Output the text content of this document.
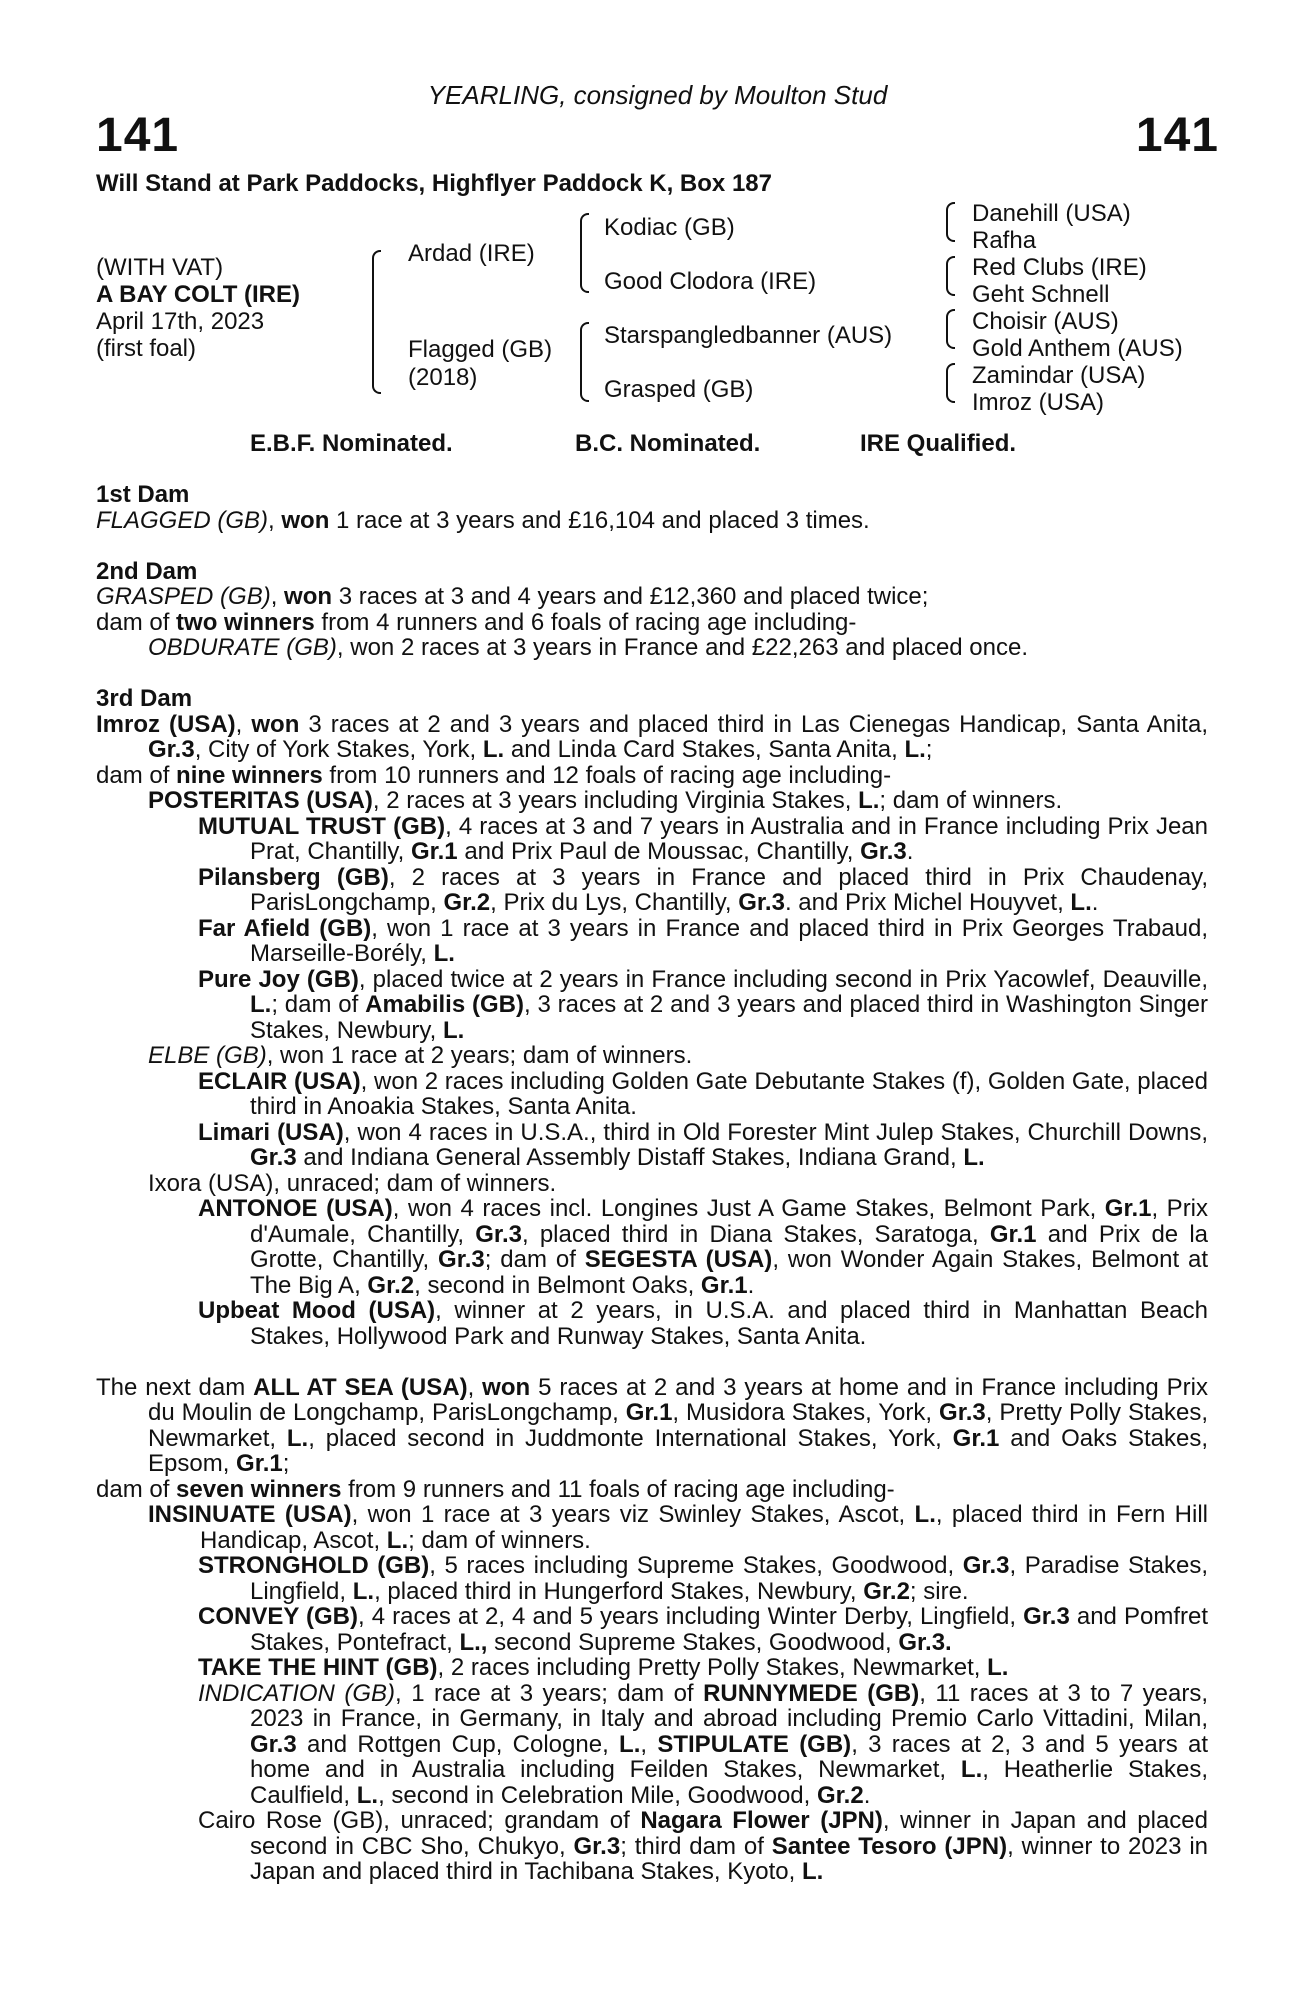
YEARLING, consigned by Moulton Stud
141	141
Will Stand at Park Paddocks, Highflyer Paddock K, Box 187
(WITH VAT)
A BAY COLT (IRE)
April 17th, 2023
(first foal)
Ardad (IRE)
Flagged (GB)
(2018)
Kodiac (GB)
Good Clodora (IRE)
Starspangledbanner (AUS)
Grasped (GB)
Danehill (USA)
Rafha
Red Clubs (IRE)
Geht Schnell
Choisir (AUS)
Gold Anthem (AUS)
Zamindar (USA)
Imroz (USA)
E.B.F. Nominated.	B.C. Nominated.	IRE Qualified.

1st Dam

FLAGGED (GB), won 1 race at 3 years and £16,104 and placed 3 times.

2nd Dam

GRASPED (GB), won 3 races at 3 and 4 years and £12,360 and placed twice;

dam of two winners from 4 runners and 6 foals of racing age including-

OBDURATE (GB), won 2 races at 3 years in France and £22,263 and placed once.

3rd Dam

Imroz (USA), won 3 races at 2 and 3 years and placed third in Las Cienegas Handicap, Santa Anita, Gr.3, City of York Stakes, York, L. and Linda Card Stakes, Santa Anita, L.;

dam of nine winners from 10 runners and 12 foals of racing age including-

POSTERITAS (USA), 2 races at 3 years including Virginia Stakes, L.; dam of winners.

MUTUAL TRUST (GB), 4 races at 3 and 7 years in Australia and in France including Prix Jean Prat, Chantilly, Gr.1 and Prix Paul de Moussac, Chantilly, Gr.3.

Pilansberg (GB), 2 races at 3 years in France and placed third in Prix Chaudenay, ParisLongchamp, Gr.2, Prix du Lys, Chantilly, Gr.3. and Prix Michel Houyvet, L..

Far Afield (GB), won 1 race at 3 years in France and placed third in Prix Georges Trabaud, Marseille-Borély, L.

Pure Joy (GB), placed twice at 2 years in France including second in Prix Yacowlef, Deauville, L.; dam of Amabilis (GB), 3 races at 2 and 3 years and placed third in Washington Singer Stakes, Newbury, L.

ELBE (GB), won 1 race at 2 years; dam of winners.

ECLAIR (USA), won 2 races including Golden Gate Debutante Stakes (f), Golden Gate, placed third in Anoakia Stakes, Santa Anita.

Limari (USA), won 4 races in U.S.A., third in Old Forester Mint Julep Stakes, Churchill Downs, Gr.3 and Indiana General Assembly Distaff Stakes, Indiana Grand, L.

Ixora (USA), unraced; dam of winners.

ANTONOE (USA), won 4 races incl. Longines Just A Game Stakes, Belmont Park, Gr.1, Prix d'Aumale, Chantilly, Gr.3, placed third in Diana Stakes, Saratoga, Gr.1 and Prix de la Grotte, Chantilly, Gr.3; dam of SEGESTA (USA), won Wonder Again Stakes, Belmont at The Big A, Gr.2, second in Belmont Oaks, Gr.1.

Upbeat Mood (USA), winner at 2 years, in U.S.A. and placed third in Manhattan Beach Stakes, Hollywood Park and Runway Stakes, Santa Anita.

The next dam ALL AT SEA (USA), won 5 races at 2 and 3 years at home and in France including Prix du Moulin de Longchamp, ParisLongchamp, Gr.1, Musidora Stakes, York, Gr.3, Pretty Polly Stakes, Newmarket, L., placed second in Juddmonte International Stakes, York, Gr.1 and Oaks Stakes, Epsom, Gr.1;

dam of seven winners from 9 runners and 11 foals of racing age including-

INSINUATE (USA), won 1 race at 3 years viz Swinley Stakes, Ascot, L., placed third in Fern Hill Handicap, Ascot, L.; dam of winners.

STRONGHOLD (GB), 5 races including Supreme Stakes, Goodwood, Gr.3, Paradise Stakes, Lingfield, L., placed third in Hungerford Stakes, Newbury, Gr.2; sire.

CONVEY (GB), 4 races at 2, 4 and 5 years including Winter Derby, Lingfield, Gr.3 and Pomfret Stakes, Pontefract, L., second Supreme Stakes, Goodwood, Gr.3.

TAKE THE HINT (GB), 2 races including Pretty Polly Stakes, Newmarket, L.

INDICATION (GB), 1 race at 3 years; dam of RUNNYMEDE (GB), 11 races at 3 to 7 years, 2023 in France, in Germany, in Italy and abroad including Premio Carlo Vittadini, Milan, Gr.3 and Rottgen Cup, Cologne, L., STIPULATE (GB), 3 races at 2, 3 and 5 years at home and in Australia including Feilden Stakes, Newmarket, L., Heatherlie Stakes, Caulfield, L., second in Celebration Mile, Goodwood, Gr.2.

Cairo Rose (GB), unraced; grandam of Nagara Flower (JPN), winner in Japan and placed second in CBC Sho, Chukyo, Gr.3; third dam of Santee Tesoro (JPN), winner to 2023 in Japan and placed third in Tachibana Stakes, Kyoto, L.
